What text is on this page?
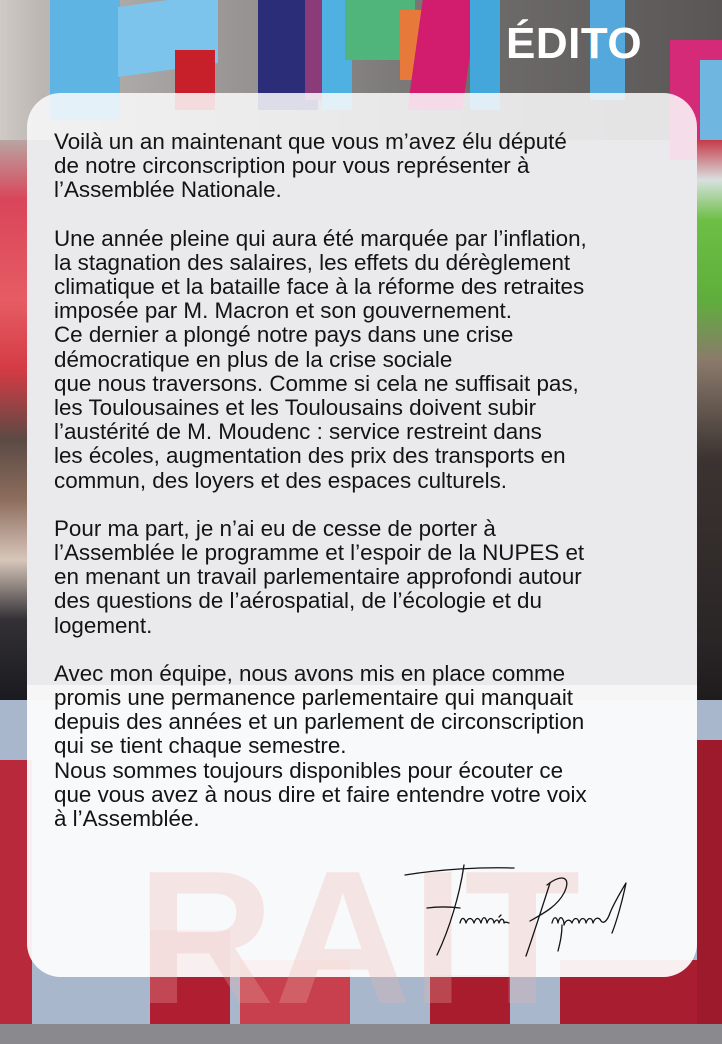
ÉDITO
RAIT

Voilà un an maintenant que vous m’avez élu député
de notre circonscription pour vous représenter à
l’Assemblée Nationale.

Une année pleine qui aura été marquée par l’inflation,
la stagnation des salaires, les effets du dérèglement
climatique et la bataille face à la réforme des retraites
imposée par M. Macron et son gouvernement.
Ce dernier a plongé notre pays dans une crise
démocratique en plus de la crise sociale
que nous traversons. Comme si cela ne suffisait pas,
les Toulousaines et les Toulousains doivent subir
l’austérité de M. Moudenc : service restreint dans
les écoles, augmentation des prix des transports en
commun, des loyers et des espaces culturels.

Pour ma part, je n’ai eu de cesse de porter à
l’Assemblée le programme et l’espoir de la NUPES et
en menant un travail parlementaire approfondi autour
des questions de l’aérospatial, de l’écologie et du
logement.

Avec mon équipe, nous avons mis en place comme
promis une permanence parlementaire qui manquait
depuis des années et un parlement de circonscription
qui se tient chaque semestre.
Nous sommes toujours disponibles pour écouter ce
que vous avez à nous dire et faire entendre votre voix
à l’Assemblée.
